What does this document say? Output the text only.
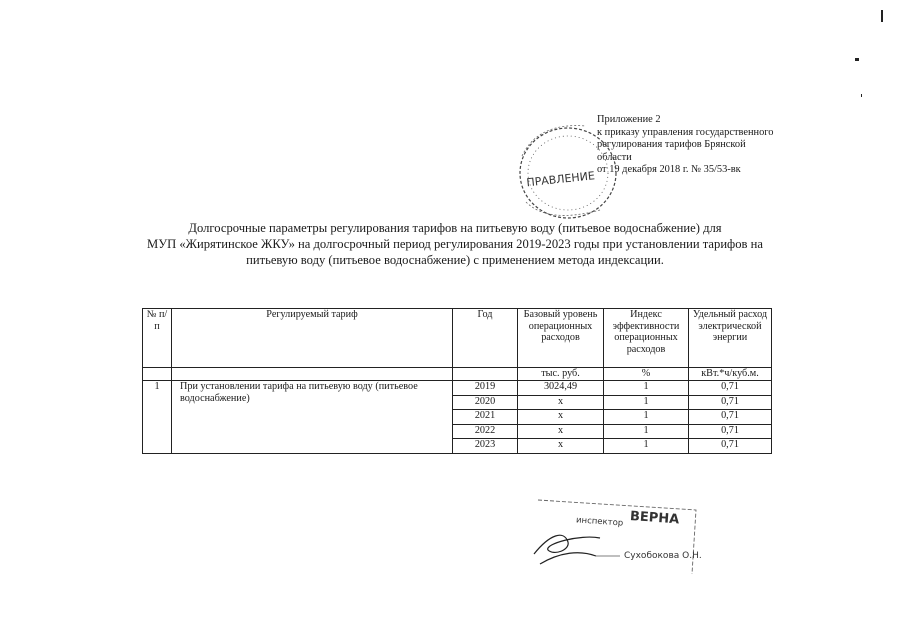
Приложение 2
к приказу управления государственного
регулирования тарифов Брянской
области
от 19 декабря 2018 г. № 35/53-вк
ПРАВЛЕНИЕ
Долгосрочные параметры регулирования тарифов на питьевую воду (питьевое водоснабжение) для
МУП «Жирятинское ЖКУ» на долгосрочный период регулирования 2019-2023 годы при установлении тарифов на
питьевую воду (питьевое водоснабжение) с применением метода индексации.
№ п/п	Регулируемый тариф	Год	Базовый уровень операционных расходов	Индекс эффективности операционных расходов	Удельный расход электрической энергии
			тыс. руб.	%	кВт.*ч/куб.м.
1	При установлении тарифа на питьевую воду (питьевое водоснабжение)	2019	3024,49	1	0,71
		2020	х	1	0,71
		2021	х	1	0,71
		2022	х	1	0,71
		2023	х	1	0,71
ВЕРНА
инспектор
Сухобокова О.Н.
